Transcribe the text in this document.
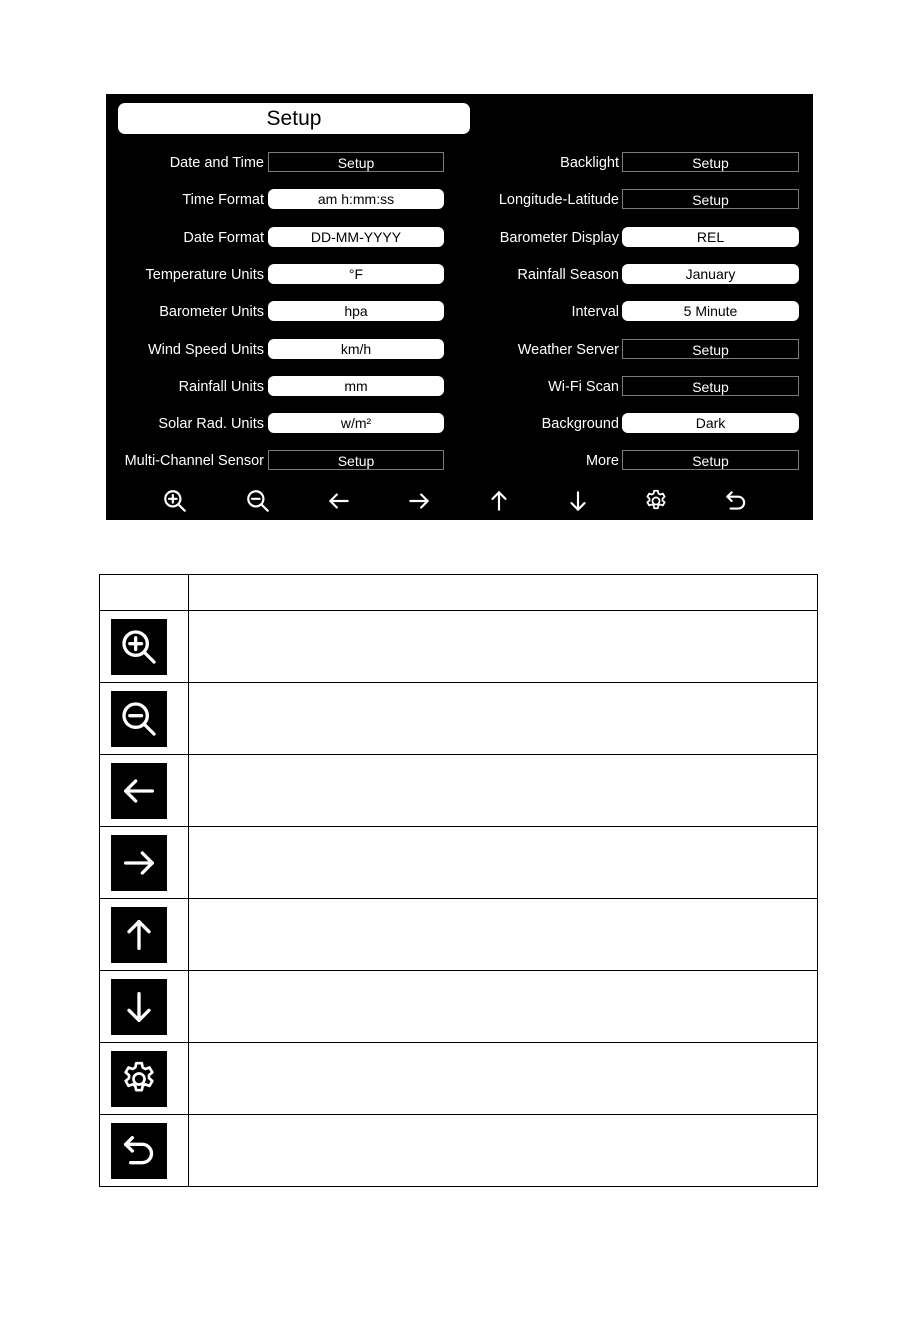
Setup
Date and Time	Setup
Time Format	am h:mm:ss
Date Format	DD-MM-YYYY
Temperature Units	°F
Barometer Units	hpa
Wind Speed Units	km/h
Rainfall Units	mm
Solar Rad. Units	w/m²
Multi-Channel Sensor	Setup
Backlight	Setup
Longitude-Latitude	Setup
Barometer Display	REL
Rainfall Season	January
Interval	5 Minute
Weather Server	Setup
Wi-Fi Scan	Setup
Background	Dark
More	Setup
